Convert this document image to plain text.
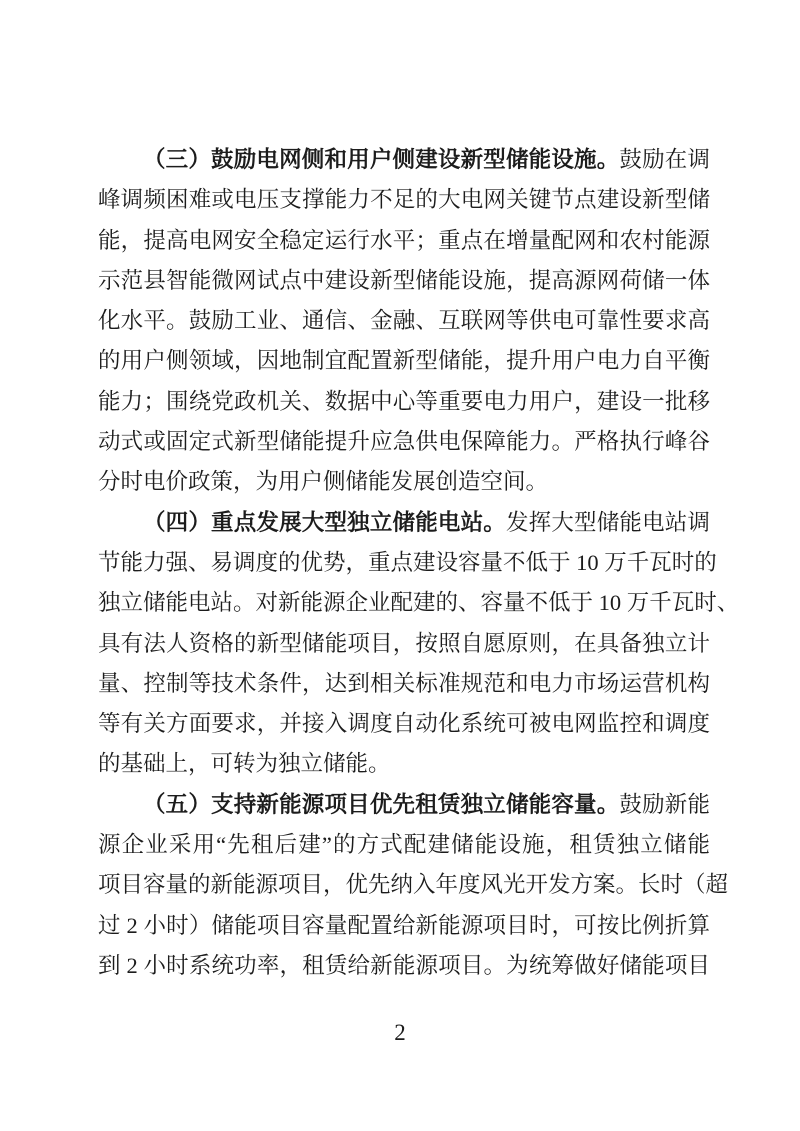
（三）鼓励电网侧和用户侧建设新型储能设施。鼓励在调
峰调频困难或电压支撑能力不足的大电网关键节点建设新型储
能，提高电网安全稳定运行水平；重点在增量配网和农村能源
示范县智能微网试点中建设新型储能设施，提高源网荷储一体
化水平。鼓励工业、通信、金融、互联网等供电可靠性要求高
的用户侧领域，因地制宜配置新型储能，提升用户电力自平衡
能力；围绕党政机关、数据中心等重要电力用户，建设一批移
动式或固定式新型储能提升应急供电保障能力。严格执行峰谷
分时电价政策，为用户侧储能发展创造空间。
（四）重点发展大型独立储能电站。发挥大型储能电站调
节能力强、易调度的优势，重点建设容量不低于 10 万千瓦时的
独立储能电站。对新能源企业配建的、容量不低于 10 万千瓦时、
具有法人资格的新型储能项目，按照自愿原则，在具备独立计
量、控制等技术条件，达到相关标准规范和电力市场运营机构
等有关方面要求，并接入调度自动化系统可被电网监控和调度
的基础上，可转为独立储能。
（五）支持新能源项目优先租赁独立储能容量。鼓励新能
源企业采用“先租后建”的方式配建储能设施，租赁独立储能
项目容量的新能源项目，优先纳入年度风光开发方案。长时（超
过 2 小时）储能项目容量配置给新能源项目时，可按比例折算
到 2 小时系统功率，租赁给新能源项目。为统筹做好储能项目
2
